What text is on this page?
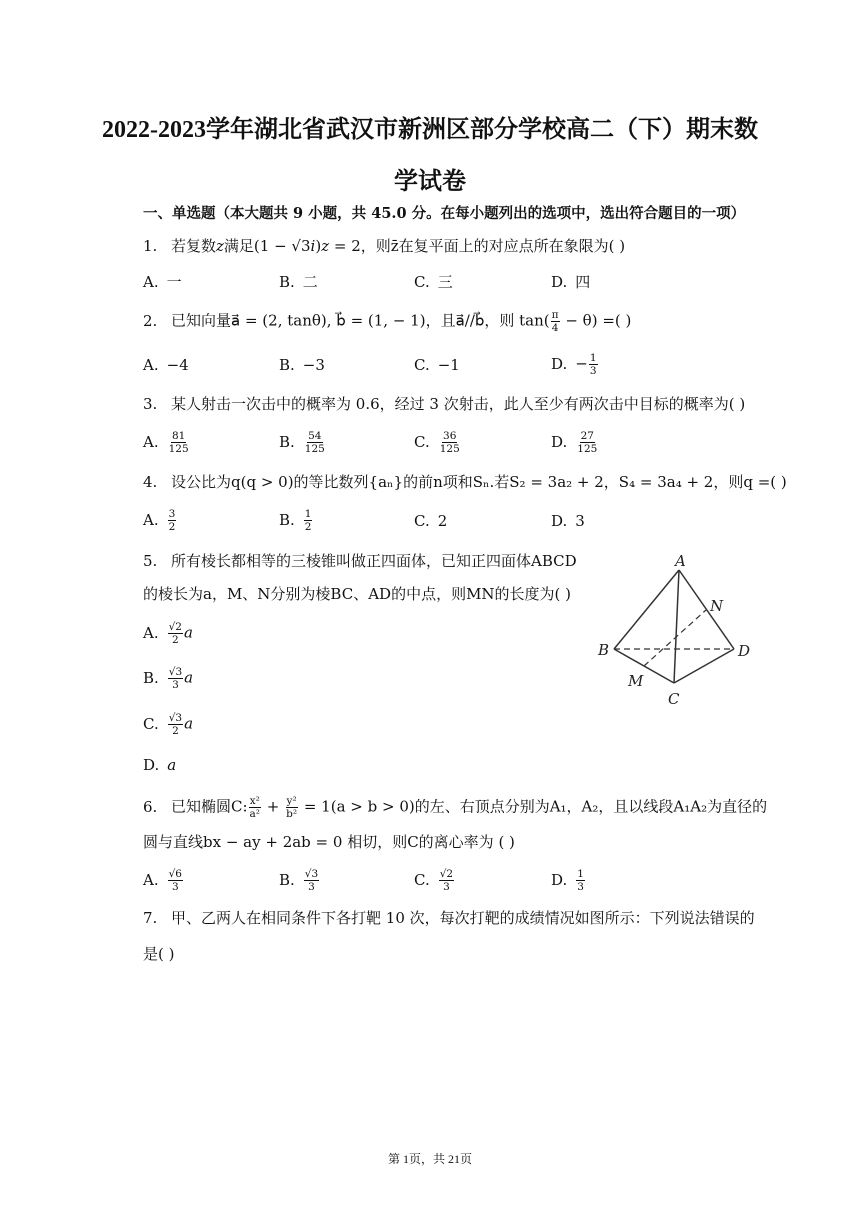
2022-2023学年湖北省武汉市新洲区部分学校高二（下）期末数
学试卷
一、单选题（本大题共 9 小题，共 45.0 分。在每小题列出的选项中，选出符合题目的一项）
1. 若复数z满足(1 − √3i)z = 2，则z̄在复平面上的对应点所在象限为( )
A. 一	B. 二	C. 三	D. 四
2. 已知向量a⃗ = (2, tanθ), b⃗ = (1, − 1)，且a⃗//b⃗，则 $\tan( \frac{\pi}{4} - \theta)$ =( )
A. −4	B. −3	C. −1	D. − $\frac{1}{3}$
3. 某人射击一次击中的概率为 0.6，经过 3 次射击，此人至少有两次击中目标的概率为( )
A. $\frac{81}{125}$	B. $\frac{54}{125}$	C. $\frac{36}{125}$	D. $\frac{27}{125}$
4. 设公比为q(q > 0)的等比数列{aₙ}的前n项和Sₙ.若S₂ = 3a₂ + 2，S₄ = 3a₄ + 2，则q =( )
A. $\frac{3}{2}$	B. $\frac{1}{2}$	C. 2	D. 3
5. 所有棱长都相等的三棱锥叫做正四面体，已知正四面体ABCD
的棱长为a，M、N分别为棱BC、AD的中点，则MN的长度为( )
A. $\frac{√2}{2}$ a
B. $\frac{√3}{3}$ a
C. $\frac{√3}{2}$ a
D. a
A
B	D
C
M
N
6. 已知椭圆C: $\frac{\text{x²}}{\text{a²}} + \frac{\text{y²}}{\text{b²}} = 1(a > b > 0)$的左、右顶点分别为A₁，A₂，且以线段A₁A₂为直径的
圆与直线bx − ay + 2ab = 0 相切，则C的离心率为 ( )
A. $\frac{√6}{3}$	B. $\frac{√3}{3}$	C. $\frac{√2}{3}$	D. $\frac{1}{3}$
7. 甲、乙两人在相同条件下各打靶 10 次，每次打靶的成绩情况如图所示：下列说法错误的
是( )
第 1页，共 21页
